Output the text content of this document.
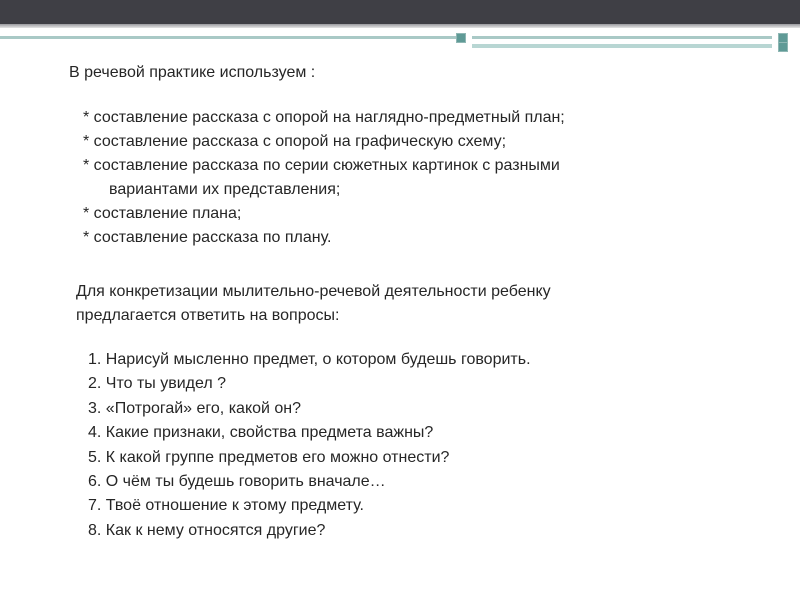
В речевой практике используем :
* составление рассказа с опорой на наглядно-предметный план;
* составление рассказа с опорой на графическую схему;
* составление рассказа по серии сюжетных картинок с разными
вариантами их представления;
* составление плана;
* составление рассказа по плану.
Для конкретизации мылительно-речевой деятельности ребенку
предлагается ответить на вопросы:
1. Нарисуй мысленно предмет, о котором будешь говорить.
2. Что ты увидел ?
3. «Потрогай» его, какой он?
4. Какие признаки, свойства предмета важны?
5. К какой группе предметов его можно отнести?
6. О чём ты будешь говорить вначале…
7. Твоё отношение к этому предмету.
8. Как к нему относятся другие?
